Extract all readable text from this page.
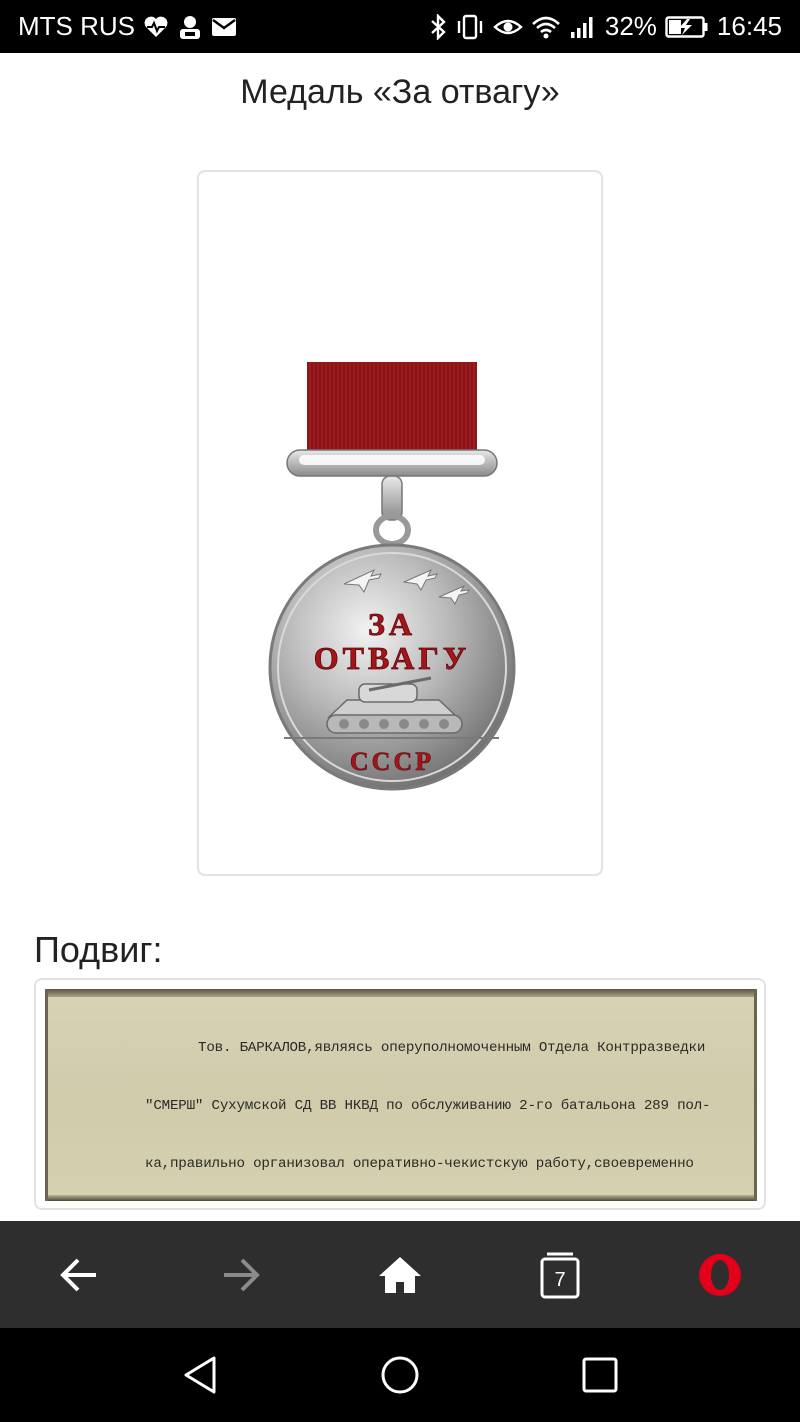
MTS RUS	32% 16:45
Медаль «За отвагу»
ЗА
ОТВАГУ
СССР
Подвиг:

Тов. БАРКАЛОВ,являясь оперуполномоченным Отдела Контрразведки

"СМЕРШ" Сухумской СД ВВ НКВД по обслуживанию 2-го батальона 289 пол-

ка,правильно организовал оперативно-чекистскую работу,своевременно

7
